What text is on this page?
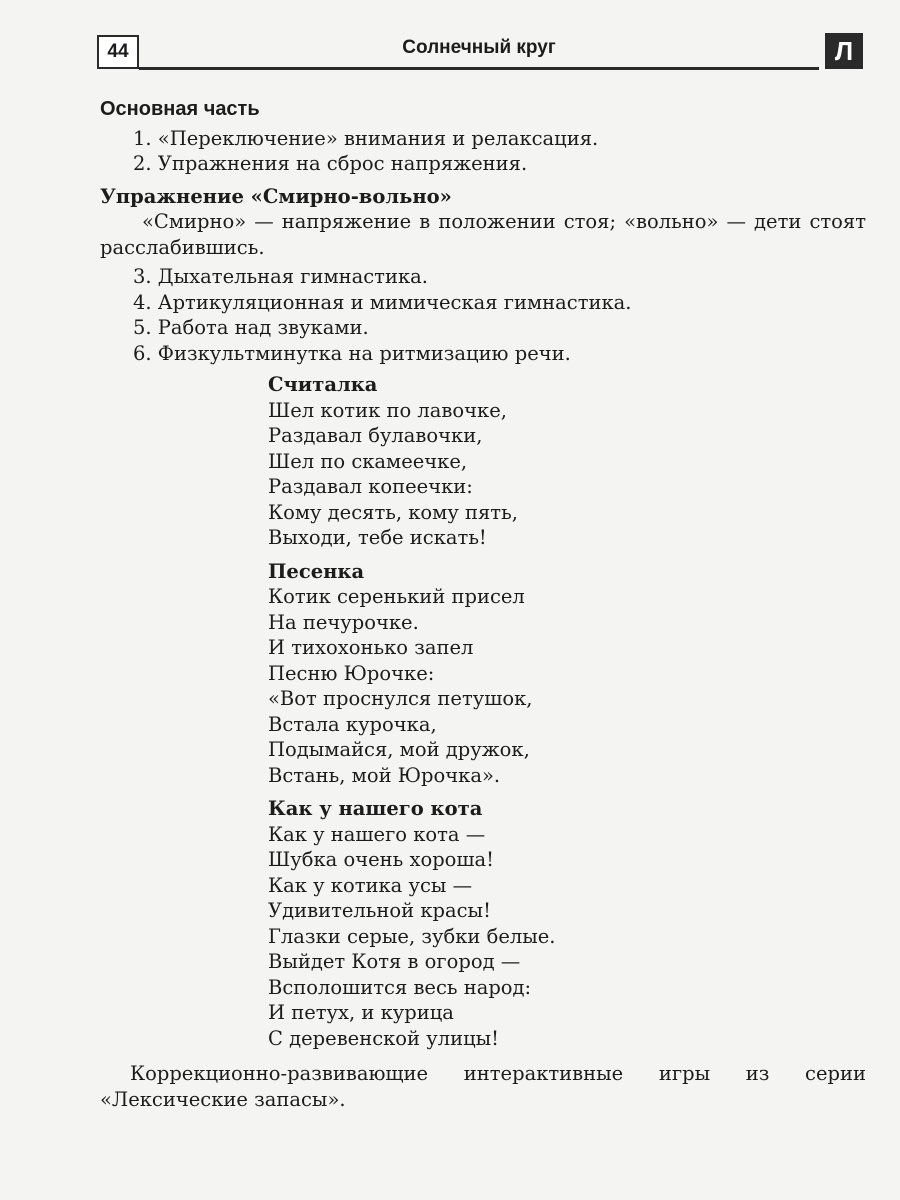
44	Солнечный круг	Л
Основная часть
1. «Переключение» внимания и релаксация.
2. Упражнения на сброс напряжения.
Упражнение «Смирно-вольно»
«Смирно» — напряжение в положении стоя; «вольно» — дети стоят расслабившись.
3. Дыхательная гимнастика.
4. Артикуляционная и мимическая гимнастика.
5. Работа над звуками.
6. Физкультминутка на ритмизацию речи.
Считалка
Шел котик по лавочке,
Раздавал булавочки,
Шел по скамеечке,
Раздавал копеечки:
Кому десять, кому пять,
Выходи, тебе искать!
Песенка
Котик серенький присел
На печурочке.
И тихохонько запел
Песню Юрочке:
«Вот проснулся петушок,
Встала курочка,
Подымайся, мой дружок,
Встань, мой Юрочка».
Как у нашего кота
Как у нашего кота —
Шубка очень хороша!
Как у котика усы —
Удивительной красы!
Глазки серые, зубки белые.
Выйдет Котя в огород —
Всполошится весь народ:
И петух, и курица
С деревенской улицы!
Коррекционно-развивающие интерактивные игры из серии «Лексические запасы».
